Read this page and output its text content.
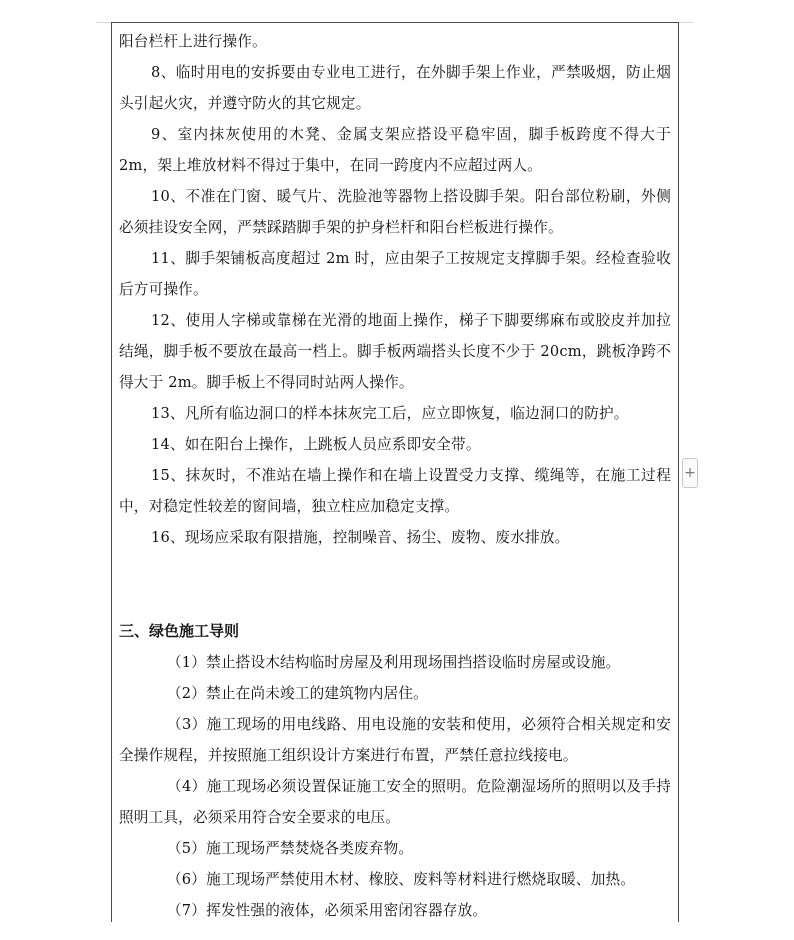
阳台栏杆上进行操作。

8、临时用电的安拆要由专业电工进行，在外脚手架上作业，严禁吸烟，防止烟头引起火灾，并遵守防火的其它规定。

9、室内抹灰使用的木凳、金属支架应搭设平稳牢固，脚手板跨度不得大于2m，架上堆放材料不得过于集中，在同一跨度内不应超过两人。

10、不准在门窗、暖气片、洗脸池等器物上搭设脚手架。阳台部位粉刷，外侧必须挂设安全网，严禁踩踏脚手架的护身栏杆和阳台栏板进行操作。

11、脚手架铺板高度超过 2m 时，应由架子工按规定支撑脚手架。经检查验收后方可操作。

12、使用人字梯或靠梯在光滑的地面上操作，梯子下脚要绑麻布或胶皮并加拉结绳，脚手板不要放在最高一档上。脚手板两端搭头长度不少于 20cm，跳板净跨不得大于 2m。脚手板上不得同时站两人操作。

13、凡所有临边洞口的样本抹灰完工后，应立即恢复，临边洞口的防护。

14、如在阳台上操作，上跳板人员应系即安全带。

15、抹灰时，不准站在墙上操作和在墙上设置受力支撑、缆绳等，在施工过程中，对稳定性较差的窗间墙，独立柱应加稳定支撑。

16、现场应采取有限措施，控制噪音、扬尘、废物、废水排放。

三、绿色施工导则

（1）禁止搭设木结构临时房屋及利用现场围挡搭设临时房屋或设施。

（2）禁止在尚未竣工的建筑物内居住。

（3）施工现场的用电线路、用电设施的安装和使用，必须符合相关规定和安全操作规程，并按照施工组织设计方案进行布置，严禁任意拉线接电。

（4）施工现场必须设置保证施工安全的照明。危险潮湿场所的照明以及手持照明工具，必须采用符合安全要求的电压。

（5）施工现场严禁焚烧各类废弃物。

（6）施工现场严禁使用木材、橡胶、废料等材料进行燃烧取暖、加热。

（7）挥发性强的液体，必须采用密闭容器存放。

+
